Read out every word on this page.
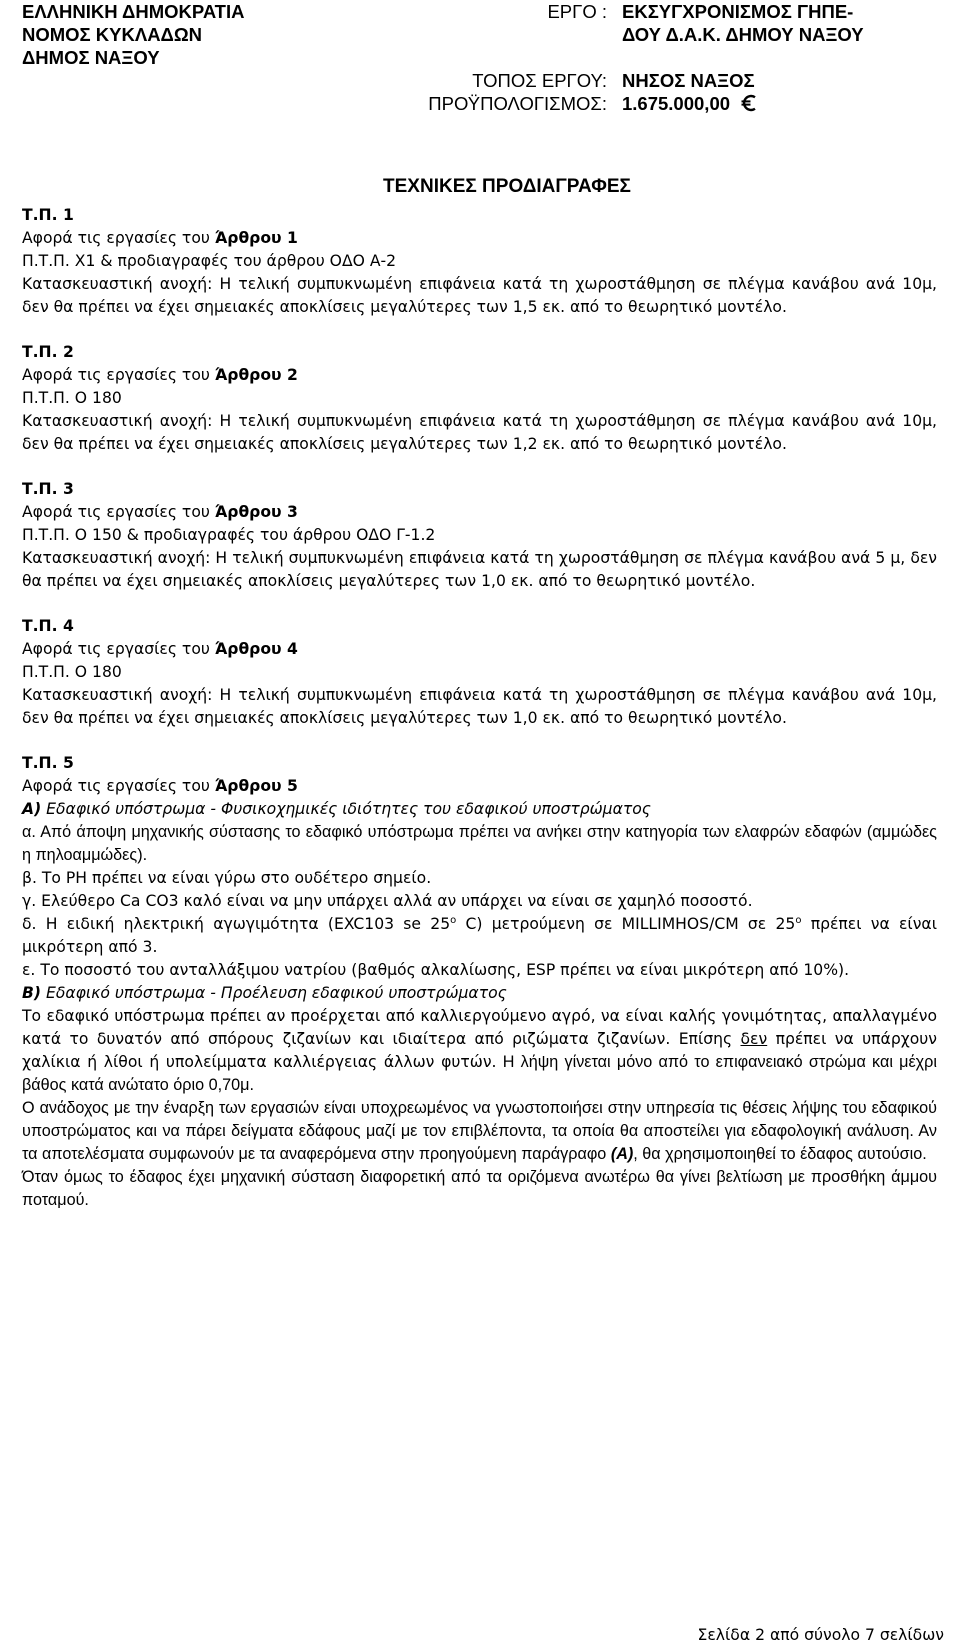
ΕΛΛΗΝΙΚΗ ΔΗΜΟΚΡΑΤΙΑ
ΝΟΜΟΣ ΚΥΚΛΑΔΩΝ
ΔΗΜΟΣ ΝΑΞΟΥ
ΕΡΓΟ : ΕΚΣΥΓΧΡΟΝΙΣΜΟΣ ΓΗΠΕ-
ΔΟΥ Δ.Α.Κ. ΔΗΜΟΥ ΝΑΞΟΥ
ΤΟΠΟΣ ΕΡΓΟΥ: ΝΗΣΟΣ ΝΑΞΟΣ
ΠΡΟΫΠΟΛΟΓΙΣΜΟΣ: 1.675.000,00
ΤΕΧΝΙΚΕΣ ΠΡΟΔΙΑΓΡΑΦΕΣ
Τ.Π. 1
Αφορά τις εργασίες του Άρθρου 1
Π.Τ.Π. Χ1 & προδιαγραφές του άρθρου ΟΔΟ Α-2
Κατασκευαστική ανοχή: Η τελική συμπυκνωμένη επιφάνεια κατά τη χωροστάθμηση σε πλέγμα κανάβου ανά 10μ, δεν θα πρέπει να έχει σημειακές αποκλίσεις μεγαλύτερες των 1,5 εκ. από το θεωρητικό μοντέλο.
Τ.Π. 2
Αφορά τις εργασίες του Άρθρου 2
Π.Τ.Π. Ο 180
Κατασκευαστική ανοχή: Η τελική συμπυκνωμένη επιφάνεια κατά τη χωροστάθμηση σε πλέγμα κανάβου ανά 10μ, δεν θα πρέπει να έχει σημειακές αποκλίσεις μεγαλύτερες των 1,2 εκ. από το θεωρητικό μοντέλο.
Τ.Π. 3
Αφορά τις εργασίες του Άρθρου 3
Π.Τ.Π. Ο 150 & προδιαγραφές του άρθρου ΟΔΟ Γ-1.2
Κατασκευαστική ανοχή: Η τελική συμπυκνωμένη επιφάνεια κατά τη χωροστάθμηση σε πλέγμα κανάβου ανά 5 μ, δεν θα πρέπει να έχει σημειακές αποκλίσεις μεγαλύτερες των 1,0 εκ. από το θεωρητικό μοντέλο.
Τ.Π. 4
Αφορά τις εργασίες του Άρθρου 4
Π.Τ.Π. Ο 180
Κατασκευαστική ανοχή: Η τελική συμπυκνωμένη επιφάνεια κατά τη χωροστάθμηση σε πλέγμα κανάβου ανά 10μ, δεν θα πρέπει να έχει σημειακές αποκλίσεις μεγαλύτερες των 1,0 εκ. από το θεωρητικό μοντέλο.
Τ.Π. 5
Αφορά τις εργασίες του Άρθρου 5
Α) Εδαφικό υπόστρωμα - Φυσικοχημικές ιδιότητες του εδαφικού υποστρώματος
α. Από άποψη μηχανικής σύστασης το εδαφικό υπόστρωμα πρέπει να ανήκει στην κατηγορία των ελαφρών εδαφών (αμμώδες η πηλοαμμώδες).
β. Το PH πρέπει να είναι γύρω στο ουδέτερο σημείο.
γ. Ελεύθερο Ca CO3 καλό είναι να μην υπάρχει αλλά αν υπάρχει να είναι σε χαμηλό ποσοστό.
δ. Η ειδική ηλεκτρική αγωγιμότητα (EXC103 se 25$^o$ C) μετρούμενη σε MILLIMHOS/CM σε 25$^o$ πρέπει να είναι μικρότερη από 3.
ε. Το ποσοστό του ανταλλάξιμου νατρίου (βαθμός αλκαλίωσης, ESP πρέπει να είναι μικρότερη από 10%).
Β) Εδαφικό υπόστρωμα - Προέλευση εδαφικού υποστρώματος
Το εδαφικό υπόστρωμα πρέπει αν προέρχεται από καλλιεργούμενο αγρό, να είναι καλής γονιμότητας, απαλλαγμένο κατά το δυνατόν από σπόρους ζιζανίων και ιδιαίτερα από ριζώματα ζιζανίων. Επίσης δεν πρέπει να υπάρχουν χαλίκια ή λίθοι ή υπολείμματα καλλιέργειας άλλων φυτών. Η λήψη γίνεται μόνο από το επιφανειακό στρώμα και μέχρι βάθος κατά ανώτατο όριο 0,70μ.
Ο ανάδοχος με την έναρξη των εργασιών είναι υποχρεωμένος να γνωστοποιήσει στην υπηρεσία τις θέσεις λήψης του εδαφικού υποστρώματος και να πάρει δείγματα εδάφους μαζί με τον επιβλέποντα, τα οποία θα αποστείλει για εδαφολογική ανάλυση. Αν τα αποτελέσματα συμφωνούν με τα αναφερόμενα στην προηγούμενη παράγραφο (Α), θα χρησιμοποιηθεί το έδαφος αυτούσιο.
Όταν όμως το έδαφος έχει μηχανική σύσταση διαφορετική από τα οριζόμενα ανωτέρω θα γίνει βελτίωση με προσθήκη άμμου ποταμού.
Σελίδα 2 από σύνολο 7 σελίδων
